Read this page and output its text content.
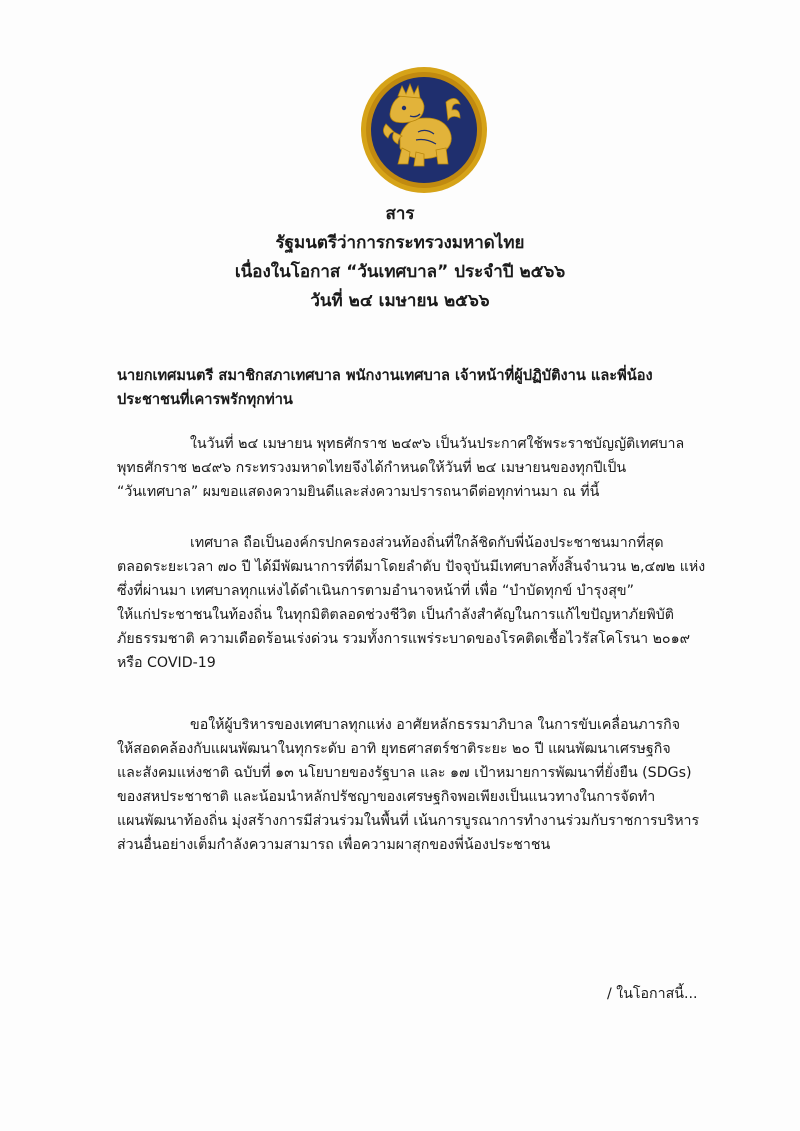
สาร
รัฐมนตรีว่าการกระทรวงมหาดไทย
เนื่องในโอกาส “วันเทศบาล” ประจำปี ๒๕๖๖
วันที่ ๒๔ เมษายน ๒๕๖๖
นายกเทศมนตรี สมาชิกสภาเทศบาล พนักงานเทศบาล เจ้าหน้าที่ผู้ปฏิบัติงาน และพี่น้อง
ประชาชนที่เคารพรักทุกท่าน
ในวันที่ ๒๔ เมษายน พุทธศักราช ๒๔๙๖ เป็นวันประกาศใช้พระราชบัญญัติเทศบาล
พุทธศักราช ๒๔๙๖ กระทรวงมหาดไทยจึงได้กำหนดให้วันที่ ๒๔ เมษายนของทุกปีเป็น
“วันเทศบาล” ผมขอแสดงความยินดีและส่งความปรารถนาดีต่อทุกท่านมา ณ ที่นี้
เทศบาล ถือเป็นองค์กรปกครองส่วนท้องถิ่นที่ใกล้ชิดกับพี่น้องประชาชนมากที่สุด
ตลอดระยะเวลา ๗๐ ปี ได้มีพัฒนาการที่ดีมาโดยลำดับ ปัจจุบันมีเทศบาลทั้งสิ้นจำนวน ๒,๔๗๒ แห่ง
ซึ่งที่ผ่านมา เทศบาลทุกแห่งได้ดำเนินการตามอำนาจหน้าที่ เพื่อ “บำบัดทุกข์ บำรุงสุข”
ให้แก่ประชาชนในท้องถิ่น ในทุกมิติตลอดช่วงชีวิต เป็นกำลังสำคัญในการแก้ไขปัญหาภัยพิบัติ
ภัยธรรมชาติ ความเดือดร้อนเร่งด่วน รวมทั้งการแพร่ระบาดของโรคติดเชื้อไวรัสโคโรนา ๒๐๑๙
หรือ COVID-19
ขอให้ผู้บริหารของเทศบาลทุกแห่ง อาศัยหลักธรรมาภิบาล ในการขับเคลื่อนภารกิจ
ให้สอดคล้องกับแผนพัฒนาในทุกระดับ อาทิ ยุทธศาสตร์ชาติระยะ ๒๐ ปี แผนพัฒนาเศรษฐกิจ
และสังคมแห่งชาติ ฉบับที่ ๑๓ นโยบายของรัฐบาล และ ๑๗ เป้าหมายการพัฒนาที่ยั่งยืน (SDGs)
ของสหประชาชาติ และน้อมนำหลักปรัชญาของเศรษฐกิจพอเพียงเป็นแนวทางในการจัดทำ
แผนพัฒนาท้องถิ่น มุ่งสร้างการมีส่วนร่วมในพื้นที่ เน้นการบูรณาการทำงานร่วมกับราชการบริหาร
ส่วนอื่นอย่างเต็มกำลังความสามารถ เพื่อความผาสุกของพี่น้องประชาชน
/ ในโอกาสนี้...
